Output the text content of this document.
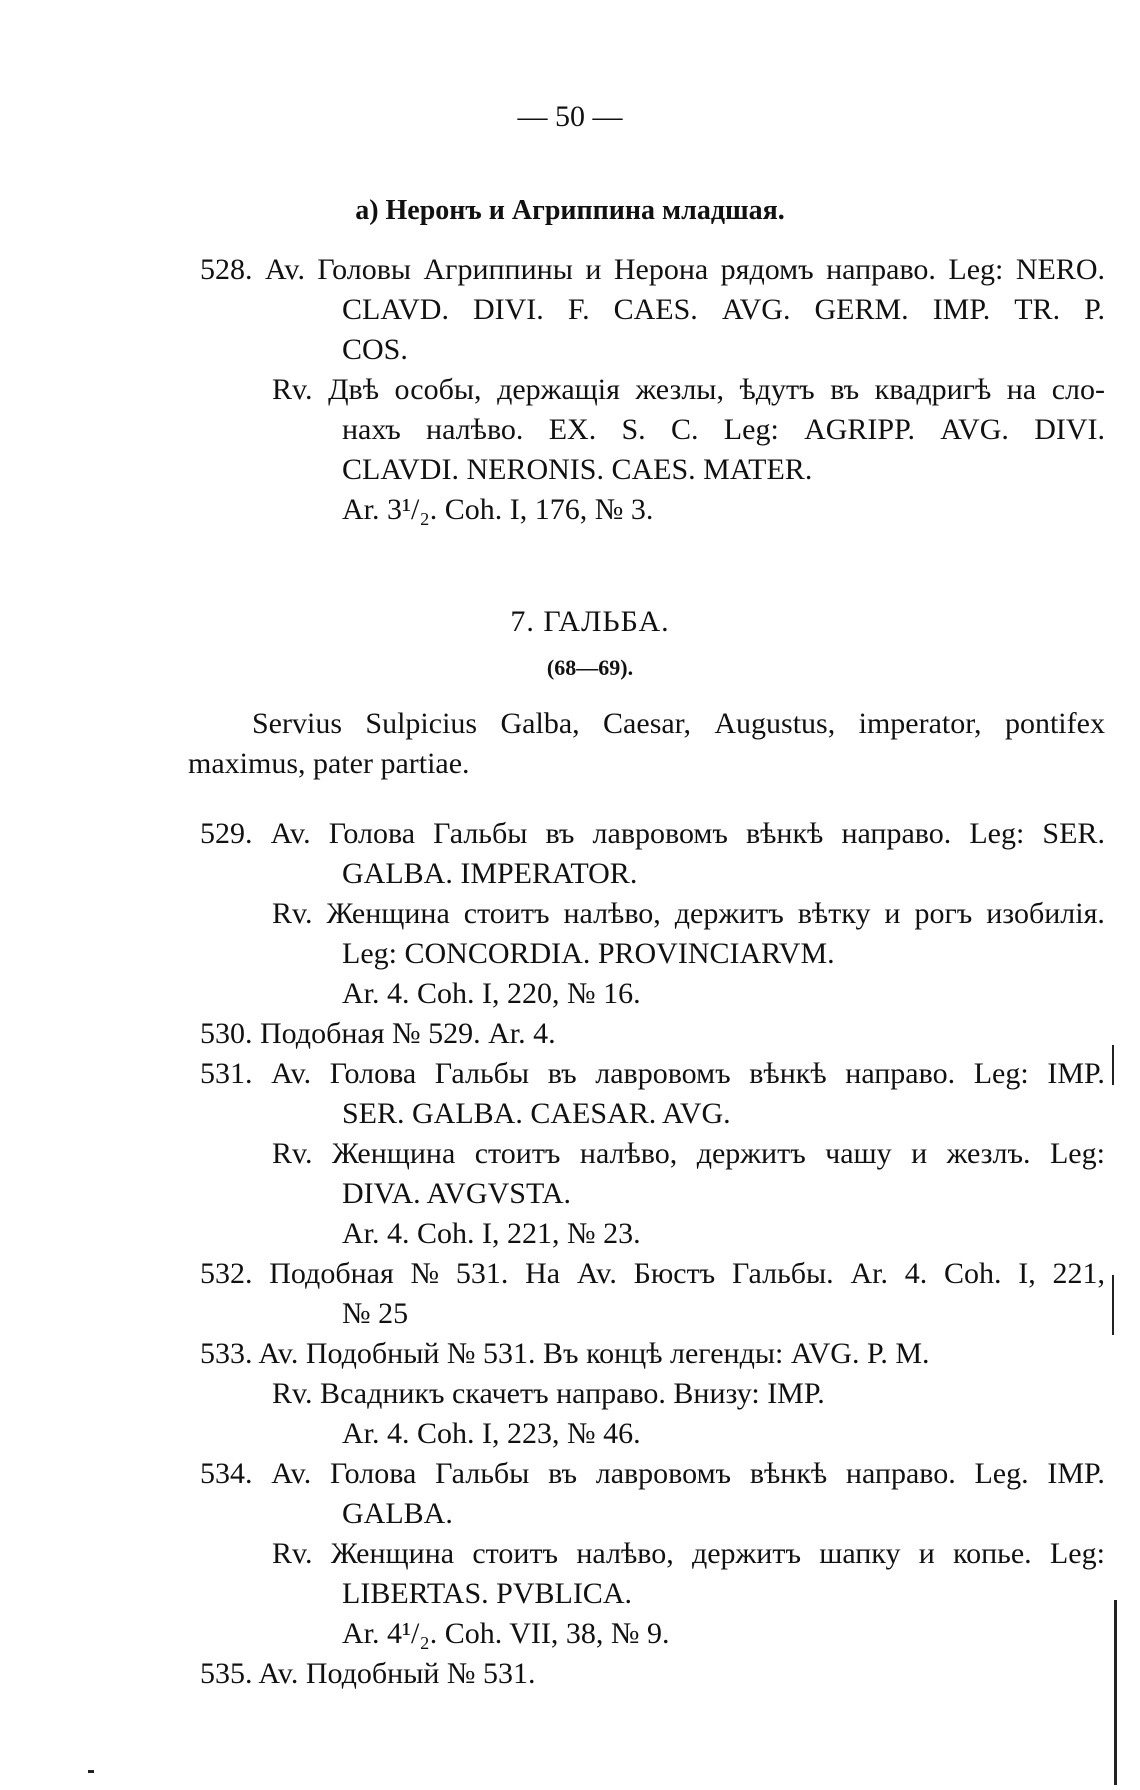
— 50 —
a) Неронъ и Агриппина младшая.
528. Av. Головы Агриппины и Нерона рядомъ направо. Leg: NERO.
CLAVD. DIVI. F. CAES. AVG. GERM. IMP. TR. P.
COS.
Rv. Двѣ особы, держащія жезлы, ѣдутъ въ квадригѣ на сло-
нахъ налѣво. EX. S. C. Leg: AGRIPP. AVG. DIVI.
CLAVDI. NERONIS. CAES. MATER.
Ar. 3¹/₂. Coh. I, 176, № 3.
7. ГАЛЬБА.
(68—69).
Servius Sulpicius Galba, Caesar, Augustus, imperator, pontifex
maximus, pater partiae.
529. Av. Голова Гальбы въ лавровомъ вѣнкѣ направо. Leg: SER.
GALBA. IMPERATOR.
Rv. Женщина стоитъ налѣво, держитъ вѣтку и рогъ изобилія.
Leg: CONCORDIA. PROVINCIARVM.
Ar. 4. Coh. I, 220, № 16.
530. Подобная № 529. Ar. 4.
531. Av. Голова Гальбы въ лавровомъ вѣнкѣ направо. Leg: IMP.
SER. GALBA. CAESAR. AVG.
Rv. Женщина стоитъ налѣво, держитъ чашу и жезлъ. Leg:
DIVA. AVGVSTA.
Ar. 4. Coh. I, 221, № 23.
532. Подобная № 531. На Av. Бюстъ Гальбы. Ar. 4. Coh. I, 221,
№ 25
533. Av. Подобный № 531. Въ концѣ легенды: AVG. P. M.
Rv. Всадникъ скачетъ направо. Внизу: IMP.
Ar. 4. Coh. I, 223, № 46.
534. Av. Голова Гальбы въ лавровомъ вѣнкѣ направо. Leg. IMP.
GALBA.
Rv. Женщина стоитъ налѣво, держитъ шапку и копье. Leg:
LIBERTAS. PVBLICA.
Ar. 4¹/₂. Coh. VII, 38, № 9.
535. Av. Подобный № 531.
